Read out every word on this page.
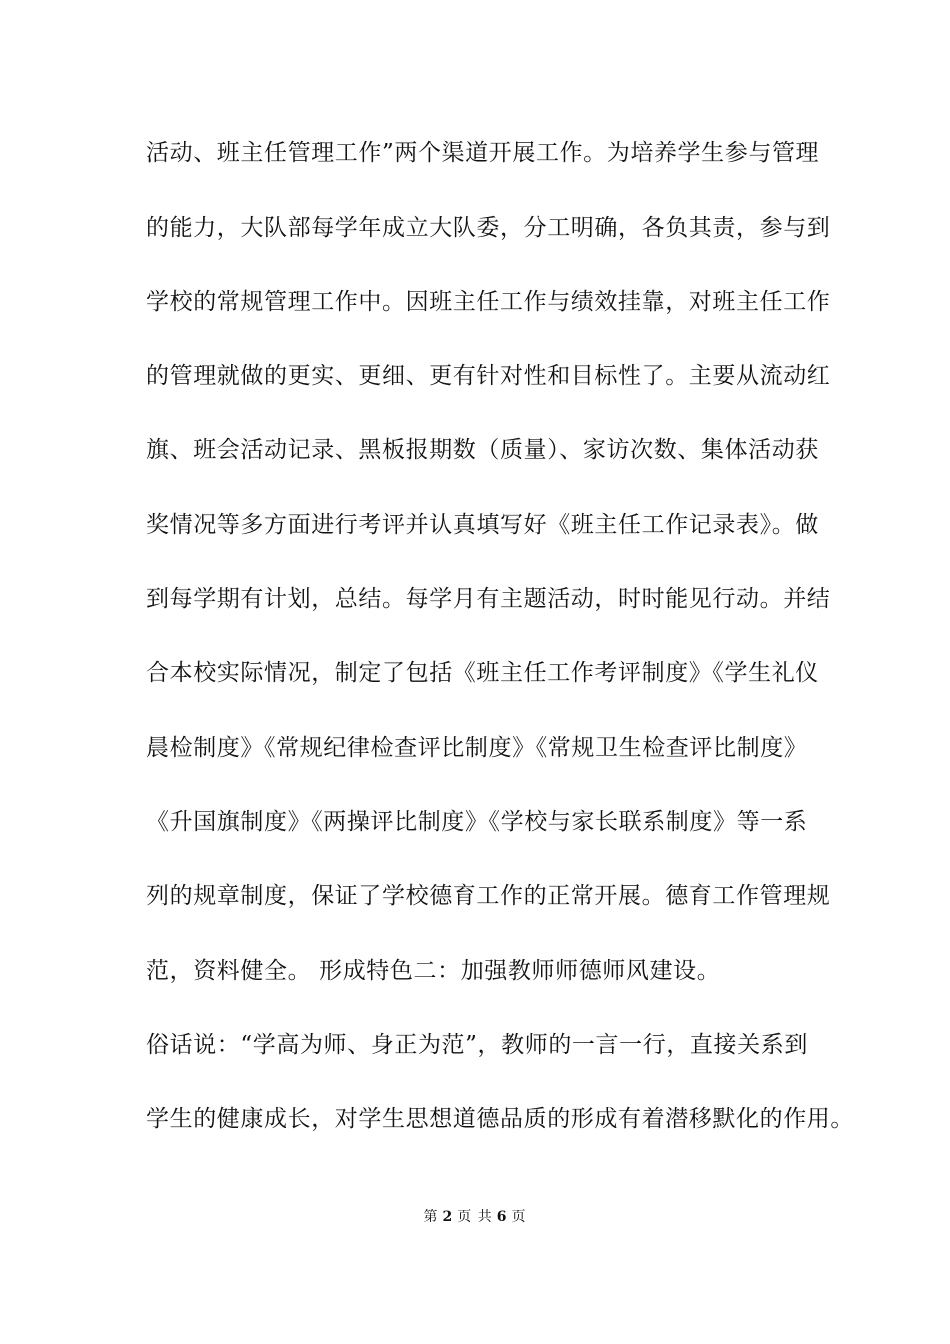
活动、班主任管理工作”两个渠道开展工作。为培养学生参与管理
的能力，大队部每学年成立大队委，分工明确，各负其责，参与到
学校的常规管理工作中。因班主任工作与绩效挂靠，对班主任工作
的管理就做的更实、更细、更有针对性和目标性了。主要从流动红
旗、班会活动记录、黑板报期数（质量）、家访次数、集体活动获
奖情况等多方面进行考评并认真填写好《班主任工作记录表》。做
到每学期有计划，总结。每学月有主题活动，时时能见行动。并结
合本校实际情况，制定了包括《班主任工作考评制度》《学生礼仪
晨检制度》《常规纪律检查评比制度》《常规卫生检查评比制度》
《升国旗制度》《两操评比制度》《学校与家长联系制度》等一系
列的规章制度，保证了学校德育工作的正常开展。德育工作管理规
范，资料健全。 形成特色二：加强教师师德师风建设。
俗话说：“学高为师、身正为范”，教师的一言一行，直接关系到
学生的健康成长，对学生思想道德品质的形成有着潜移默化的作用。
第 2 页 共 6 页
